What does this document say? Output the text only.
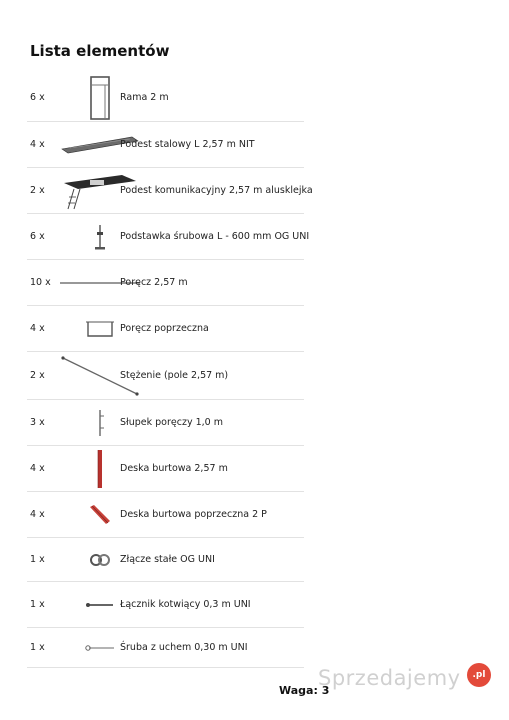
Lista elementów
6 x	Rama 2 m
4 x	Podest stalowy L 2,57 m NIT
2 x	Podest komunikacyjny 2,57 m alusklejka
6 x	Podstawka śrubowa L - 600 mm OG UNI
10 x	Poręcz 2,57 m
4 x	Poręcz poprzeczna
2 x	Stężenie (pole 2,57 m)
3 x	Słupek poręczy 1,0 m
4 x	Deska burtowa 2,57 m
4 x	Deska burtowa poprzeczna 2 P
1 x	Złącze stałe OG UNI
1 x	Łącznik kotwiący 0,3 m UNI
1 x	Śruba z uchem 0,30 m UNI
Waga: 3
Sprzedajemy	.pl
